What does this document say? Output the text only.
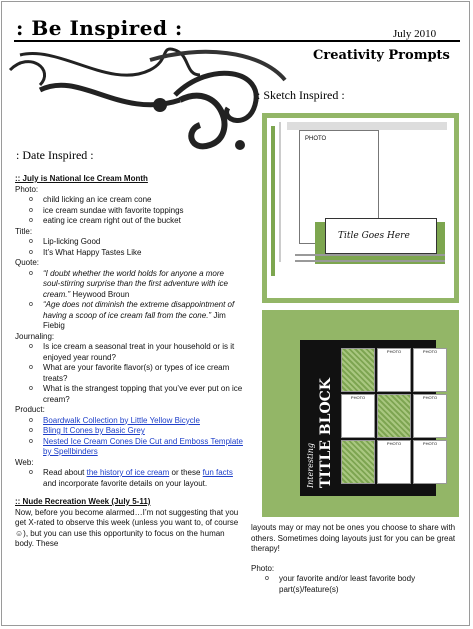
: Be Inspired :	July 2010
Creativity Prompts
: Date Inspired :
: Sketch Inspired :

:: July is National Ice Cream Month

Photo:

o child licking an ice cream cone
o ice cream sundae with favorite toppings
o eating ice cream right out of the bucket

Title:

o Lip-licking Good
o It’s What Happy Tastes Like

Quote:

o “I doubt whether the world holds for anyone a more soul-stirring surprise than the first adventure with ice cream.” Heywood Broun
o “Age does not diminish the extreme disappointment of having a scoop of ice cream fall from the cone.” Jim Fiebig

Journaling:

o Is ice cream a seasonal treat in your household or is it enjoyed year round?
o What are your favorite flavor(s) or types of ice cream treats?
o What is the strangest topping that you’ve ever put on ice cream?

Product:

o Boardwalk Collection by Little Yellow Bicycle
o Bling It Cones by Basic Grey
o Nested Ice Cream Cones Die Cut and Emboss Template by Spellbinders

Web:

o Read about the history of ice cream or these fun facts and incorporate favorite details on your layout.

:: Nude Recreation Week (July 5-11)

Now, before you become alarmed…I’m not suggesting that you get X-rated to observe this week (unless you want to, of course ☺), but you can use this opportunity to focus on the human body. These

layouts may or may not be ones you choose to share with others. Sometimes doing layouts just for you can be great therapy!

Photo:

o your favorite and/or least favorite body part(s)/feature(s)
PHOTO
Title Goes Here
Interesting TITLE BLOCK
PHOTO	PHOTO
PHOTO	PHOTO
PHOTO	PHOTO
